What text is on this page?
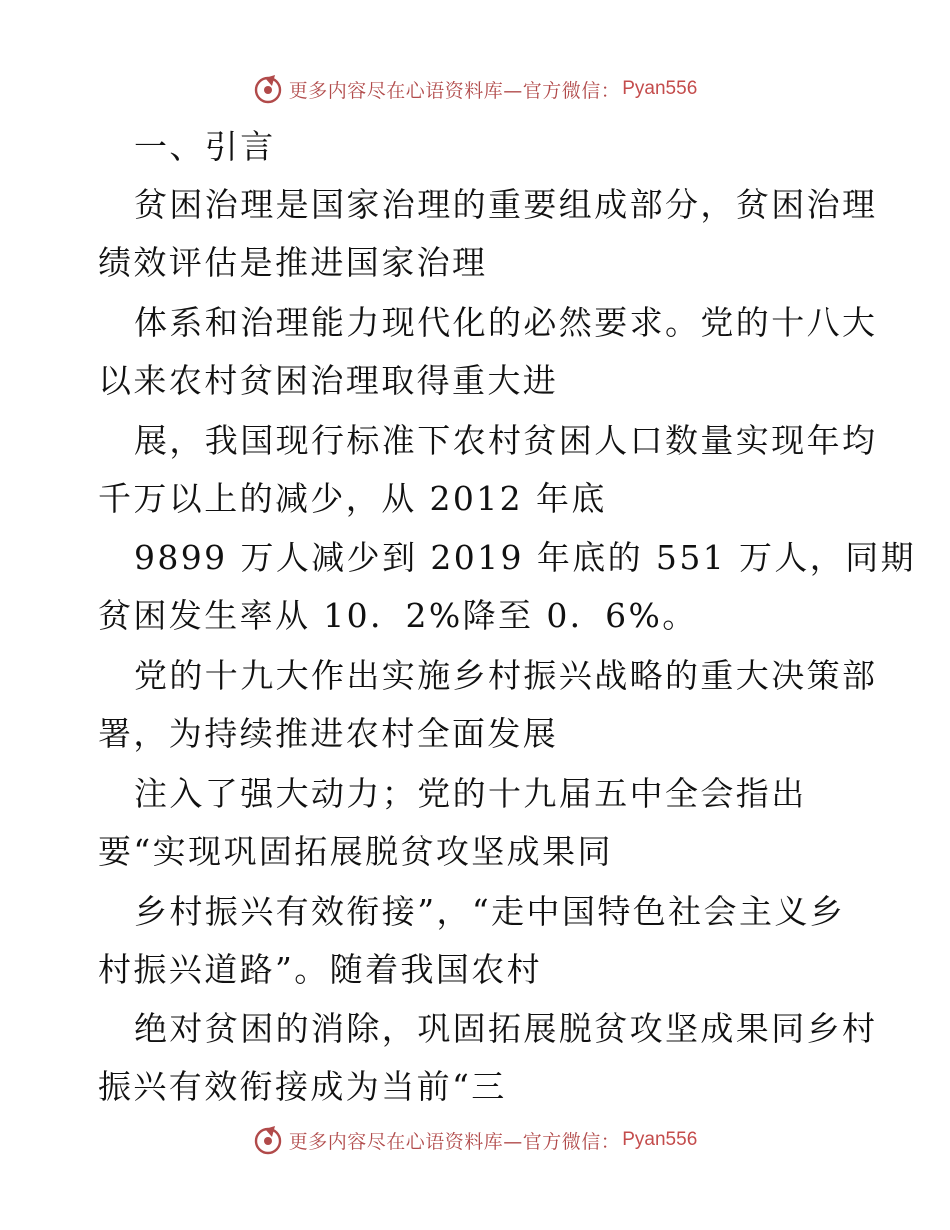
更多内容尽在心语资料库—官方微信： Pyan556
一、引言
贫困治理是国家治理的重要组成部分，贫困治理
绩效评估是推进国家治理
体系和治理能力现代化的必然要求。党的十八大
以来农村贫困治理取得重大进
展，我国现行标准下农村贫困人口数量实现年均
千万以上的减少，从 2012 年底
9899 万人减少到 2019 年底的 551 万人，同期
贫困发生率从 10．2%降至 0．6%。
党的十九大作出实施乡村振兴战略的重大决策部
署，为持续推进农村全面发展
注入了强大动力；党的十九届五中全会指出
要“实现巩固拓展脱贫攻坚成果同
乡村振兴有效衔接”，“走中国特色社会主义乡
村振兴道路”。随着我国农村
绝对贫困的消除，巩固拓展脱贫攻坚成果同乡村
振兴有效衔接成为当前“三
更多内容尽在心语资料库—官方微信： Pyan556
